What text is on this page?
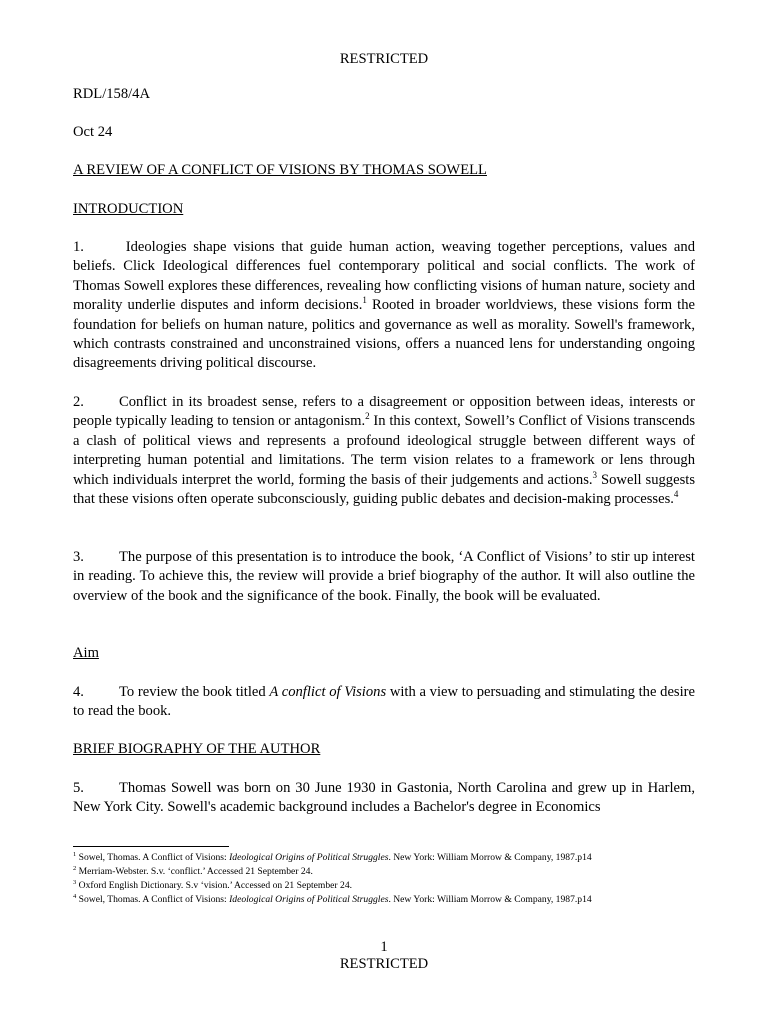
RESTRICTED
RDL/158/4A
Oct 24
A REVIEW OF A CONFLICT OF VISIONS BY THOMAS SOWELL
INTRODUCTION

1.	Ideologies shape visions that guide human action, weaving together perceptions, values and beliefs. Click Ideological differences fuel contemporary political and social conflicts. The work of Thomas Sowell explores these differences, revealing how conflicting visions of human nature, society and morality underlie disputes and inform decisions.$^1$ Rooted in broader worldviews, these visions form the foundation for beliefs on human nature, politics and governance as well as morality. Sowell's framework, which contrasts constrained and unconstrained visions, offers a nuanced lens for understanding ongoing disagreements driving political discourse.

2. Conflict in its broadest sense, refers to a disagreement or opposition between ideas, interests or people typically leading to tension or antagonism.$^2$ In this context, Sowell’s Conflict of Visions transcends a clash of political views and represents a profound ideological struggle between different ways of interpreting human potential and limitations. The term vision relates to a framework or lens through which individuals interpret the world, forming the basis of their judgements and actions.$^3$ Sowell suggests that these visions often operate subconsciously, guiding public debates and decision-making processes.$^4$

3. The purpose of this presentation is to introduce the book, ‘A Conflict of Visions’ to stir up interest in reading. To achieve this, the review will provide a brief biography of the author. It will also outline the overview of the book and the significance of the book. Finally, the book will be evaluated.

Aim

4. To review the book titled A conflict of Visions with a view to persuading and stimulating the desire to read the book.

BRIEF BIOGRAPHY OF THE AUTHOR

5. Thomas Sowell was born on 30 June 1930 in Gastonia, North Carolina and grew up in Harlem, New York City. Sowell's academic background includes a Bachelor's degree in Economics

$^1$ Sowel, Thomas. A Conflict of Visions: Ideological Origins of Political Struggles. New York: William Morrow & Company, 1987.p14
$^2$ Merriam-Webster. S.v. ‘conflict.’ Accessed 21 September 24.
$^3$ Oxford English Dictionary. S.v ‘vision.’ Accessed on 21 September 24.
$^4$ Sowel, Thomas. A Conflict of Visions: Ideological Origins of Political Struggles. New York: William Morrow & Company, 1987.p14
1
RESTRICTED
